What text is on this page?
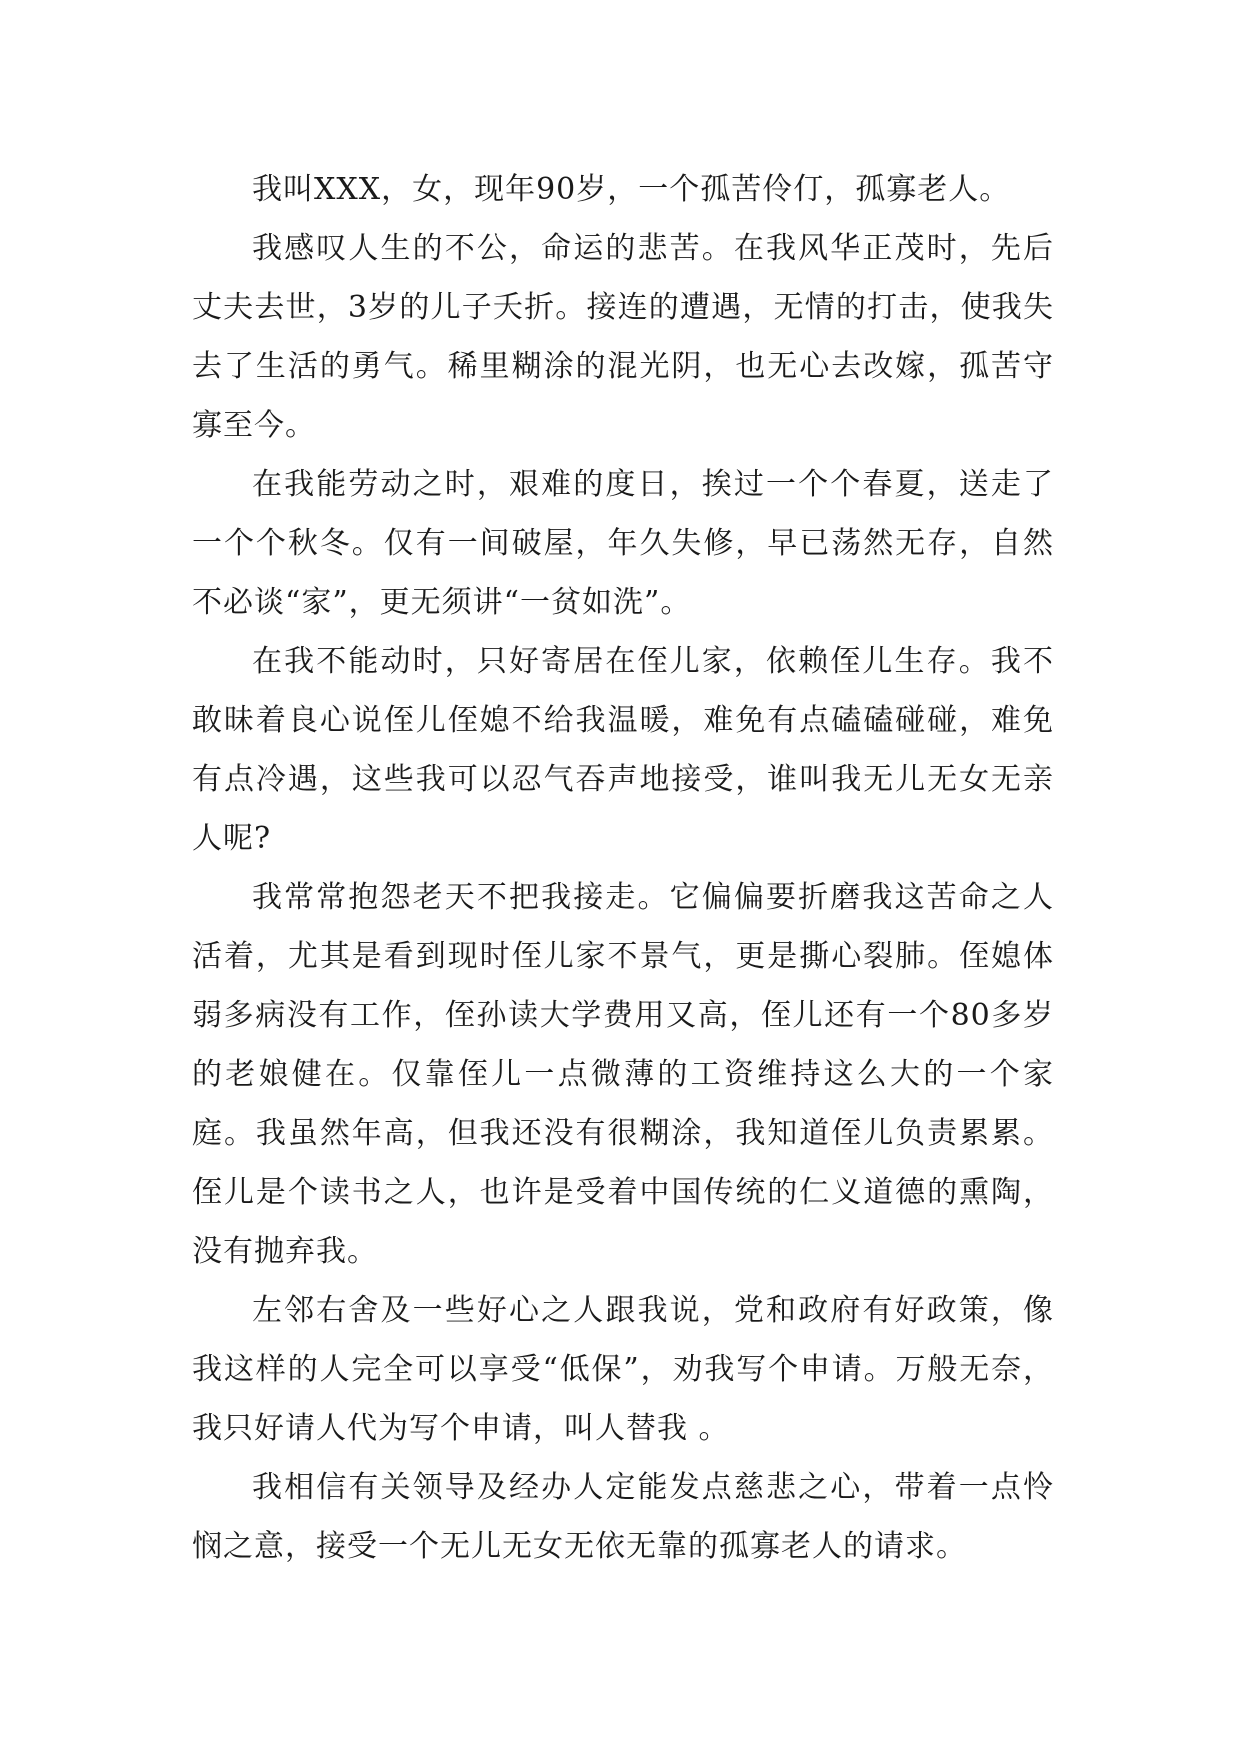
我叫XXX，女，现年90岁，一个孤苦伶仃，孤寡老人。

我感叹人生的不公，命运的悲苦。在我风华正茂时，先后丈夫去世，3岁的儿子夭折。接连的遭遇，无情的打击，使我失去了生活的勇气。稀里糊涂的混光阴，也无心去改嫁，孤苦守寡至今。

在我能劳动之时，艰难的度日，挨过一个个春夏，送走了一个个秋冬。仅有一间破屋，年久失修，早已荡然无存，自然不必谈“家”，更无须讲“一贫如洗”。

在我不能动时，只好寄居在侄儿家，依赖侄儿生存。我不敢昧着良心说侄儿侄媳不给我温暖，难免有点磕磕碰碰，难免有点冷遇，这些我可以忍气吞声地接受，谁叫我无儿无女无亲人呢?

我常常抱怨老天不把我接走。它偏偏要折磨我这苦命之人活着，尤其是看到现时侄儿家不景气，更是撕心裂肺。侄媳体弱多病没有工作，侄孙读大学费用又高，侄儿还有一个80多岁的老娘健在。仅靠侄儿一点微薄的工资维持这么大的一个家庭。我虽然年高，但我还没有很糊涂，我知道侄儿负责累累。侄儿是个读书之人，也许是受着中国传统的仁义道德的熏陶，没有抛弃我。

左邻右舍及一些好心之人跟我说，党和政府有好政策，像我这样的人完全可以享受“低保”，劝我写个申请。万般无奈，我只好请人代为写个申请，叫人替我 。

我相信有关领导及经办人定能发点慈悲之心，带着一点怜悯之意，接受一个无儿无女无依无靠的孤寡老人的请求。
